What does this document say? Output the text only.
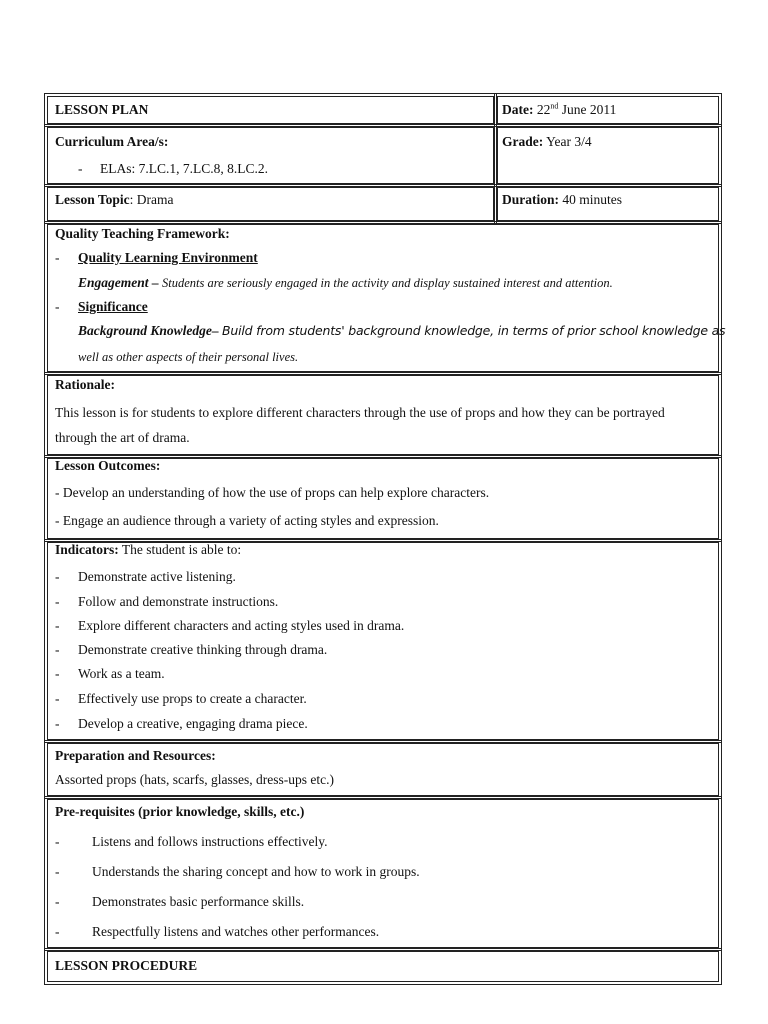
LESSON PLAN	Date: 22nd June 2011
Curriculum Area/s:
- ELAs: 7.LC.1, 7.LC.8, 8.LC.2.
Grade: Year 3/4
Lesson Topic: Drama	Duration: 40 minutes
Quality Teaching Framework:
- Quality Learning Environment
Engagement – Students are seriously engaged in the activity and display sustained interest and attention.
- Significance
Background Knowledge– Build from students' background knowledge, in terms of prior school knowledge as
well as other aspects of their personal lives.
Rationale:
This lesson is for students to explore different characters through the use of props and how they can be portrayed
through the art of drama.
Lesson Outcomes:
- Develop an understanding of how the use of props can help explore characters.
- Engage an audience through a variety of acting styles and expression.
Indicators: The student is able to:
- Demonstrate active listening.
- Follow and demonstrate instructions.
- Explore different characters and acting styles used in drama.
- Demonstrate creative thinking through drama.
- Work as a team.
- Effectively use props to create a character.
- Develop a creative, engaging drama piece.
Preparation and Resources:
Assorted props (hats, scarfs, glasses, dress-ups etc.)
Pre-requisites (prior knowledge, skills, etc.)
- Listens and follows instructions effectively.
- Understands the sharing concept and how to work in groups.
- Demonstrates basic performance skills.
- Respectfully listens and watches other performances.
LESSON PROCEDURE
